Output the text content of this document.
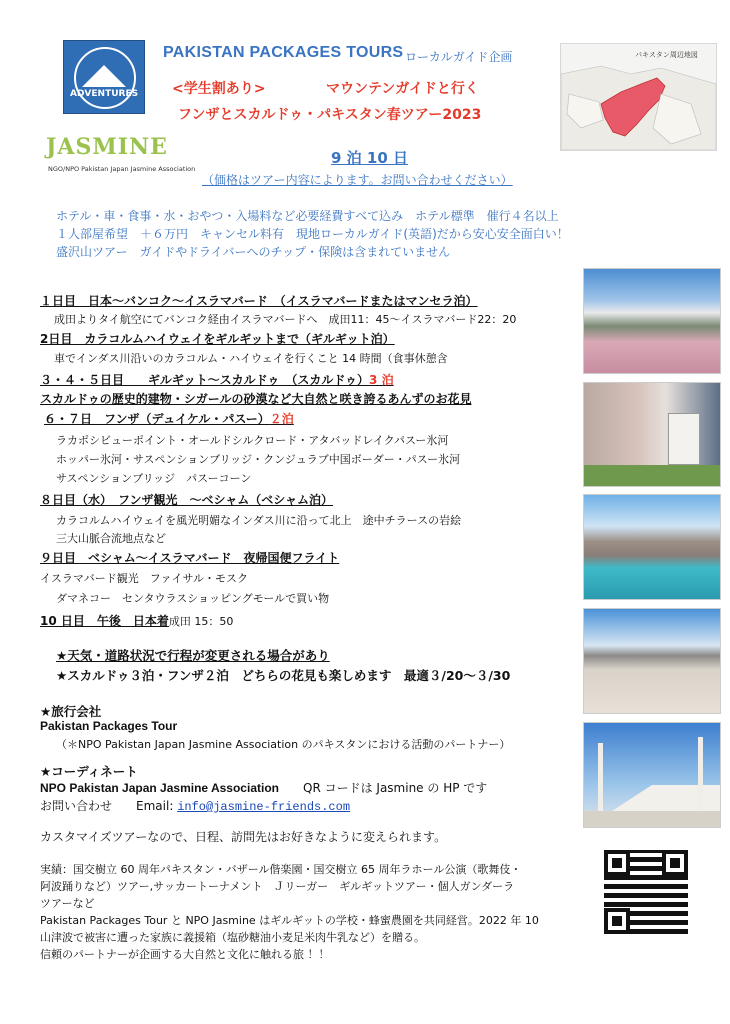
ADVENTURES
PAKISTAN PACKAGES TOURS ローカルガイド企画
<学生割あり>	マウンテンガイドと行く
フンザとスカルドゥ・パキスタン春ツアー2023
パキスタン周辺地図
JASMINE
NGO/NPO Pakistan Japan Jasmine Association
9 泊 10 日
（価格はツアー内容によります。お問い合わせください）
ホテル・車・食事・水・おやつ・入場料など必要経費すべて込み　ホテル標準　催行４名以上
１人部屋希望　＋６万円　キャンセル料有　現地ローカルガイド(英語)だから安心安全面白い！
盛沢山ツアー　ガイドやドライバーへのチップ・保険は含まれていません
１日目　日本～バンコク～イスラマバード　（イスラマバードまたはマンセラ泊）
成田よりタイ航空にてバンコク経由イスラマバードへ　成田11：45～イスラマバード22：20
2日目　カラコルムハイウェイをギルギットまで（ギルギット泊）
車でインダス川沿いのカラコルム・ハイウェイを行くこと 14 時間（食事休憩含
３・４・５日目　　ギルギット～スカルドゥ　（スカルドゥ）3 泊
スカルドゥの歴史的建物・シガールの砂漠など大自然と咲き誇るあんずのお花見
６・７日　フンザ（デュイケル・パスー）２泊
ラカポシビューポイント・オールドシルクロード・アタバッドレイクパスー氷河
ホッパー氷河・サスペンションブリッジ・クンジュラブ中国ボーダー・パスー氷河
サスペンションブリッジ　パスーコーン
８日目（水）　フンザ観光　～ベシャム（ベシャム泊）
カラコルムハイウェイを風光明媚なインダス川に沿って北上　途中チラースの岩絵
三大山脈合流地点など
９日目　ベシャム～イスラマバード　夜帰国便フライト
イスラマバード観光　ファイサル・モスク
ダマネコー　センタウラスショッピングモールで買い物
10 日目　午後　日本着成田 15：50
★天気・道路状況で行程が変更される場合があり
★スカルドゥ３泊・フンザ２泊　どちらの花見も楽しめます　最適３/20～３/30
★旅行会社
Pakistan Packages Tour
（＊NPO Pakistan Japan Jasmine Association のパキスタンにおける活動のパートナー）
★コーディネート
NPO Pakistan Japan Jasmine Association　　 QR コードは Jasmine の HP です
お問い合わせ　　 Email: info@jasmine-friends.com
カスタマイズツアーなので、日程、訪問先はお好きなように変えられます。
実績：国交樹立 60 周年パキスタン・バザール偕楽園・国交樹立 65 周年ラホール公演（歌舞伎・
阿波踊りなど）ツアー,サッカートーナメント　Ｊリーガー　ギルギットツアー・個人ガンダーラ
ツアーなど
Pakistan Packages Tour と NPO Jasmine はギルギットの学校・蜂蜜農園を共同経営。2022 年 10
山津波で被害に遭った家族に義援箱（塩砂糖油小麦足米肉牛乳など）を贈る。
信頼のパートナーが企画する大自然と文化に触れる旅 ！！
